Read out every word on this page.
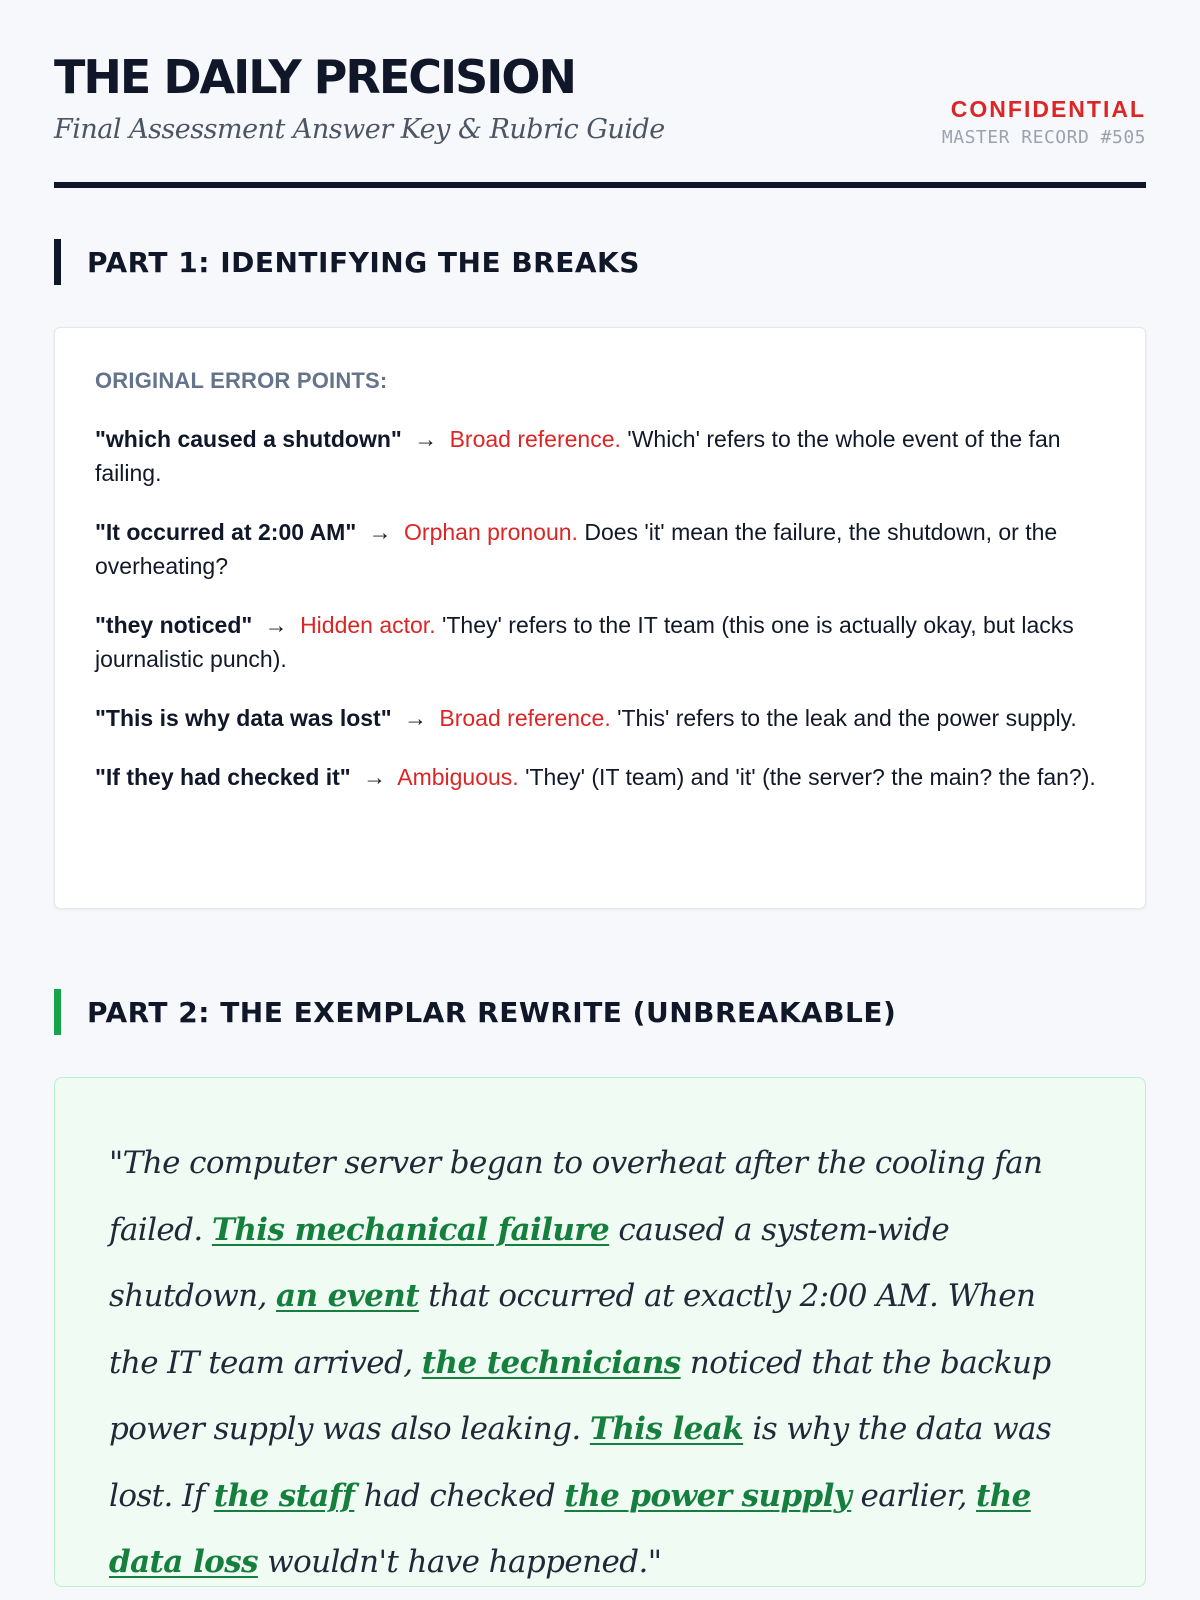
THE DAILY PRECISION

Final Assessment Answer Key & Rubric Guide

CONFIDENTIAL
MASTER RECORD #505
PART 1: IDENTIFYING THE BREAKS
ORIGINAL ERROR POINTS:

"which caused a shutdown" → Broad reference. 'Which' refers to the whole event of the fan failing.

"It occurred at 2:00 AM" → Orphan pronoun. Does 'it' mean the failure, the shutdown, or the overheating?

"they noticed" → Hidden actor. 'They' refers to the IT team (this one is actually okay, but lacks journalistic punch).

"This is why data was lost" → Broad reference. 'This' refers to the leak and the power supply.

"If they had checked it" → Ambiguous. 'They' (IT team) and 'it' (the server? the main? the fan?).

PART 2: THE EXEMPLAR REWRITE (UNBREAKABLE)

"The computer server began to overheat after the cooling fan failed. This mechanical failure caused a system-wide shutdown, an event that occurred at exactly 2:00 AM. When the IT team arrived, the technicians noticed that the backup power supply was also leaking. This leak is why the data was lost. If the staff had checked the power supply earlier, the data loss wouldn't have happened."
